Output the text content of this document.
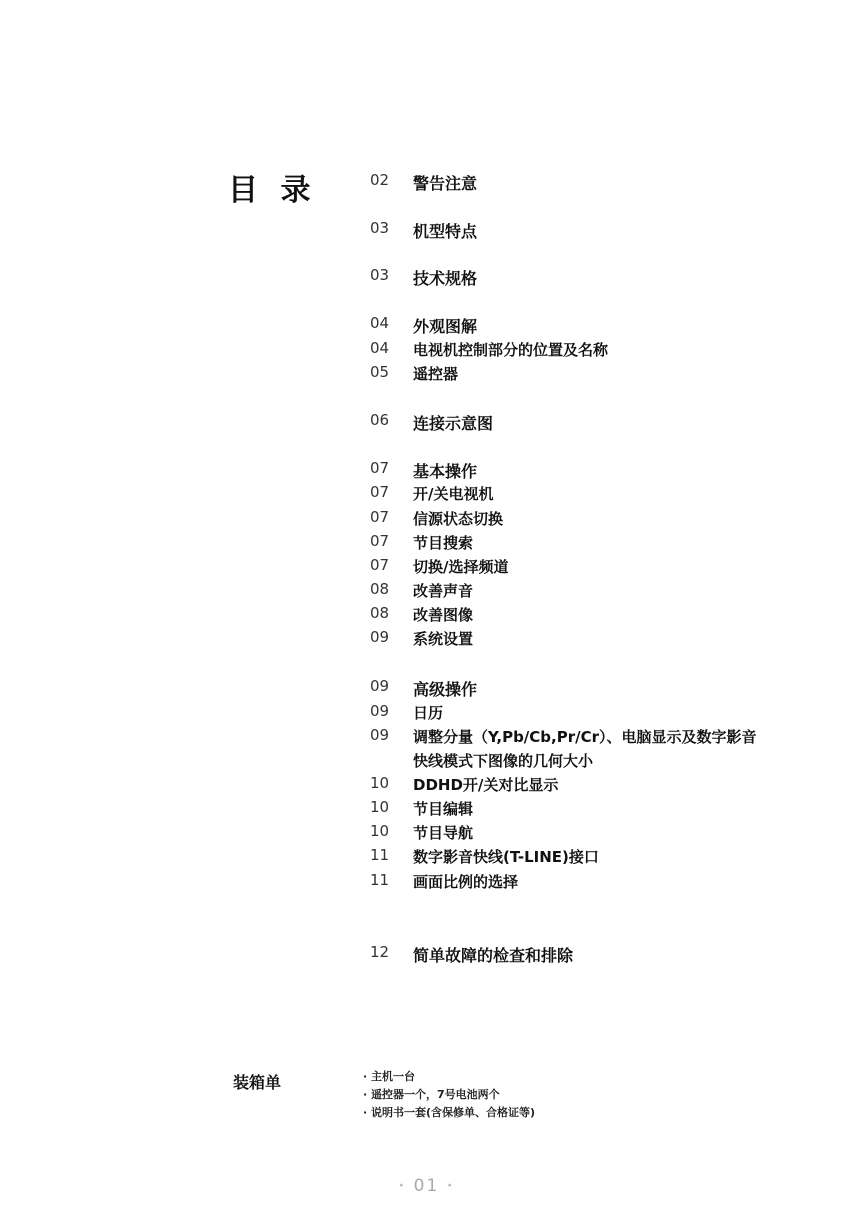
目 录	02	警告注意
03	机型特点
03	技术规格
04	外观图解
04	电视机控制部分的位置及名称
05	遥控器
06	连接示意图
07	基本操作
07	开/关电视机
07	信源状态切换
07	节目搜索
07	切换/选择频道
08	改善声音
08	改善图像
09	系统设置
09	高级操作
09	日历
09	调整分量（Y,Pb/Cb,Pr/Cr）、电脑显示及数字影音
快线模式下图像的几何大小
10	DDHD开/关对比显示
10	节目编辑
10	节目导航
11	数字影音快线(T-LINE)接口
11	画面比例的选择
12	简单故障的检查和排除
装箱单	· 主机一台
· 遥控器一个，7号电池两个
· 说明书一套(含保修单、合格证等)
• 01 •
